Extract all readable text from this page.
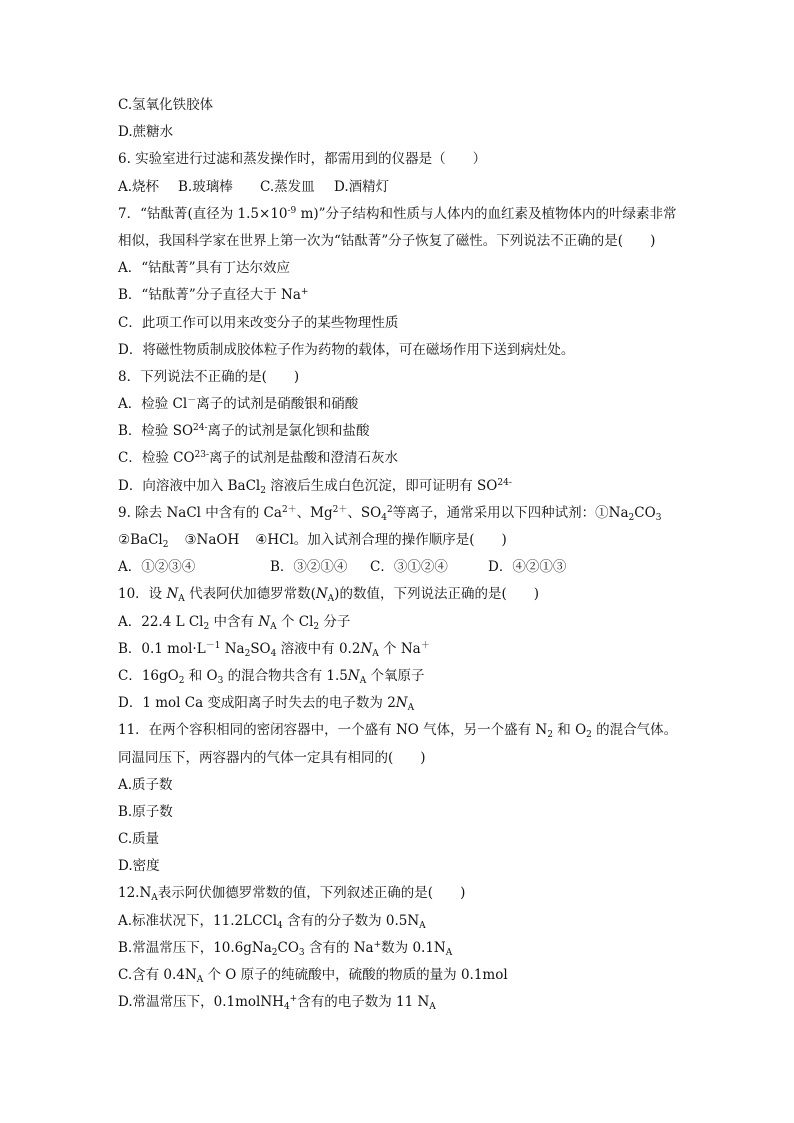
C.氢氧化铁胶体
D.蔗糖水
6. 实验室进行过滤和蒸发操作时，都需用到的仪器是（　　）
A.烧杯 B.玻璃棒 C.蒸发皿 D.酒精灯
7．“钴酞菁(直径为 $1.5\times 10^{-9}$ m)”分子结构和性质与人体内的血红素及植物体内的叶绿素非常
相似，我国科学家在世界上第一次为“钴酞菁”分子恢复了磁性。下列说法不正确的是(　　)
A．“钴酞菁”具有丁达尔效应
B．“钴酞菁”分子直径大于 Na+
C．此项工作可以用来改变分子的某些物理性质
D．将磁性物质制成胶体粒子作为药物的载体，可在磁场作用下送到病灶处。
8．下列说法不正确的是(　　)
A．检验 Cl－离子的试剂是硝酸银和硝酸
B．检验 $SO^{24-}$离子的试剂是氯化钡和盐酸
C．检验 $CO^{23-}$离子的试剂是盐酸和澄清石灰水
D．向溶液中加入 BaCl$_2$ 溶液后生成白色沉淀，即可证明有 $SO^{24-}$
9. 除去 NaCl 中含有的 $Ca^{2+}$、$Mg^{2+}$、$SO_4^2$等离子，通常采用以下四种试剂：$①Na_2CO_3$
②BaCl$_2$ ③NaOH ④HCl。加入试剂合理的操作顺序是(　　)
A．①②③④	B．③②①④ C．③①②④	D．④②①③
10．设 $N_A$ 代表阿伏加德罗常数$(N_A)$的数值，下列说法正确的是(　　)
A．22.4 L $Cl_2$ 中含有 $N_A$ 个 $Cl_2$ 分子
B．0.1 $mol\cdot L^{-1}$ $Na_2SO_4$ 溶液中有 $0.2N_A$ 个 Na＋
C．$16gO_2$ 和 $O_3$ 的混合物共含有 $1.5N_A$ 个氧原子
D．1 mol Ca 变成阳离子时失去的电子数为 $2N_A$
11．在两个容积相同的密闭容器中，一个盛有 NO 气体，另一个盛有 $N_2$ 和 $O_2$ 的混合气体。
同温同压下，两容器内的气体一定具有相同的(　　)
A.质子数
B.原子数
C.质量
D.密度
$12.N_A$表示阿伏伽德罗常数的值，下列叙述正确的是(　　)
A.标准状况下，11.2LCCl$_4$ 含有的分子数为 $0.5N_A$
B.常温常压下，$10.6gNa_2CO_3$ 含有的 Na+数为 $0.1N_A$
C.含有 $0.4N_A$ 个 O 原子的纯硫酸中，硫酸的物质的量为 0.1mol
D.常温常压下，0.1molNH$_4$+含有的电子数为 11 $N_A$
